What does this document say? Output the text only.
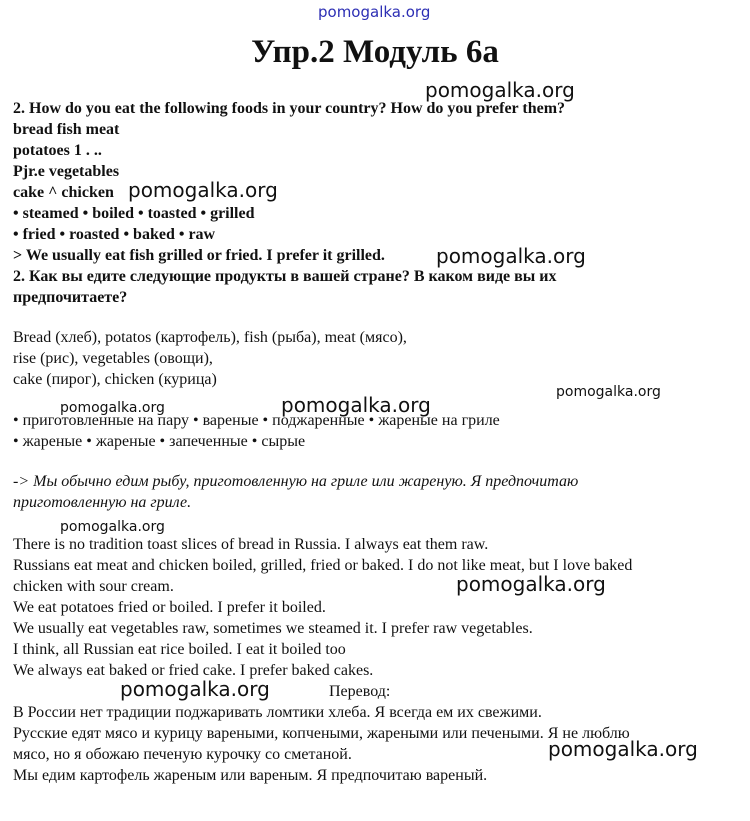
pomogalka.org
Упр.2 Модуль 6а
pomogalka.org
2. How do you eat the following foods in your country? How do you prefer them?
bread fish meat
potatoes 1 . ..
Pjr.e vegetables
cake ^ chicken pomogalka.org
• steamed • boiled • toasted • grilled
• fried • roasted • baked • raw
> We usually eat fish grilled or fried. I prefer it grilled.	pomogalka.org
2. Как вы едите следующие продукты в вашей стране? В каком виде вы их
предпочитаете?
Bread (хлеб), potatos (картофель), fish (рыба), meat (мясо),
rise (рис), vegetables (овощи),
cake (пирог), chicken (курица)
pomogalka.org
pomogalka.org	pomogalka.org
• приготовленные на пару • вареные • поджаренные • жареные на гриле
• жареные • жареные • запеченные • сырые
-> Мы обычно едим рыбу, приготовленную на гриле или жареную. Я предпочитаю
приготовленную на гриле.
pomogalka.org
There is no tradition toast slices of bread in Russia. I always eat them raw.
Russians eat meat and chicken boiled, grilled, fried or baked. I do not like meat, but I love baked
chicken with sour cream.	pomogalka.org
We eat potatoes fried or boiled. I prefer it boiled.
We usually eat vegetables raw, sometimes we steamed it. I prefer raw vegetables.
I think, all Russian eat rice boiled. I eat it boiled too
We always eat baked or fried cake. I prefer baked cakes.
pomogalka.org	Перевод:
В России нет традиции поджаривать ломтики хлеба. Я всегда ем их свежими.
Русские едят мясо и курицу вареными, копчеными, жареными или печеными. Я не люблю
мясо, но я обожаю печеную курочку со сметаной.	pomogalka.org
Мы едим картофель жареным или вареным. Я предпочитаю вареный.
